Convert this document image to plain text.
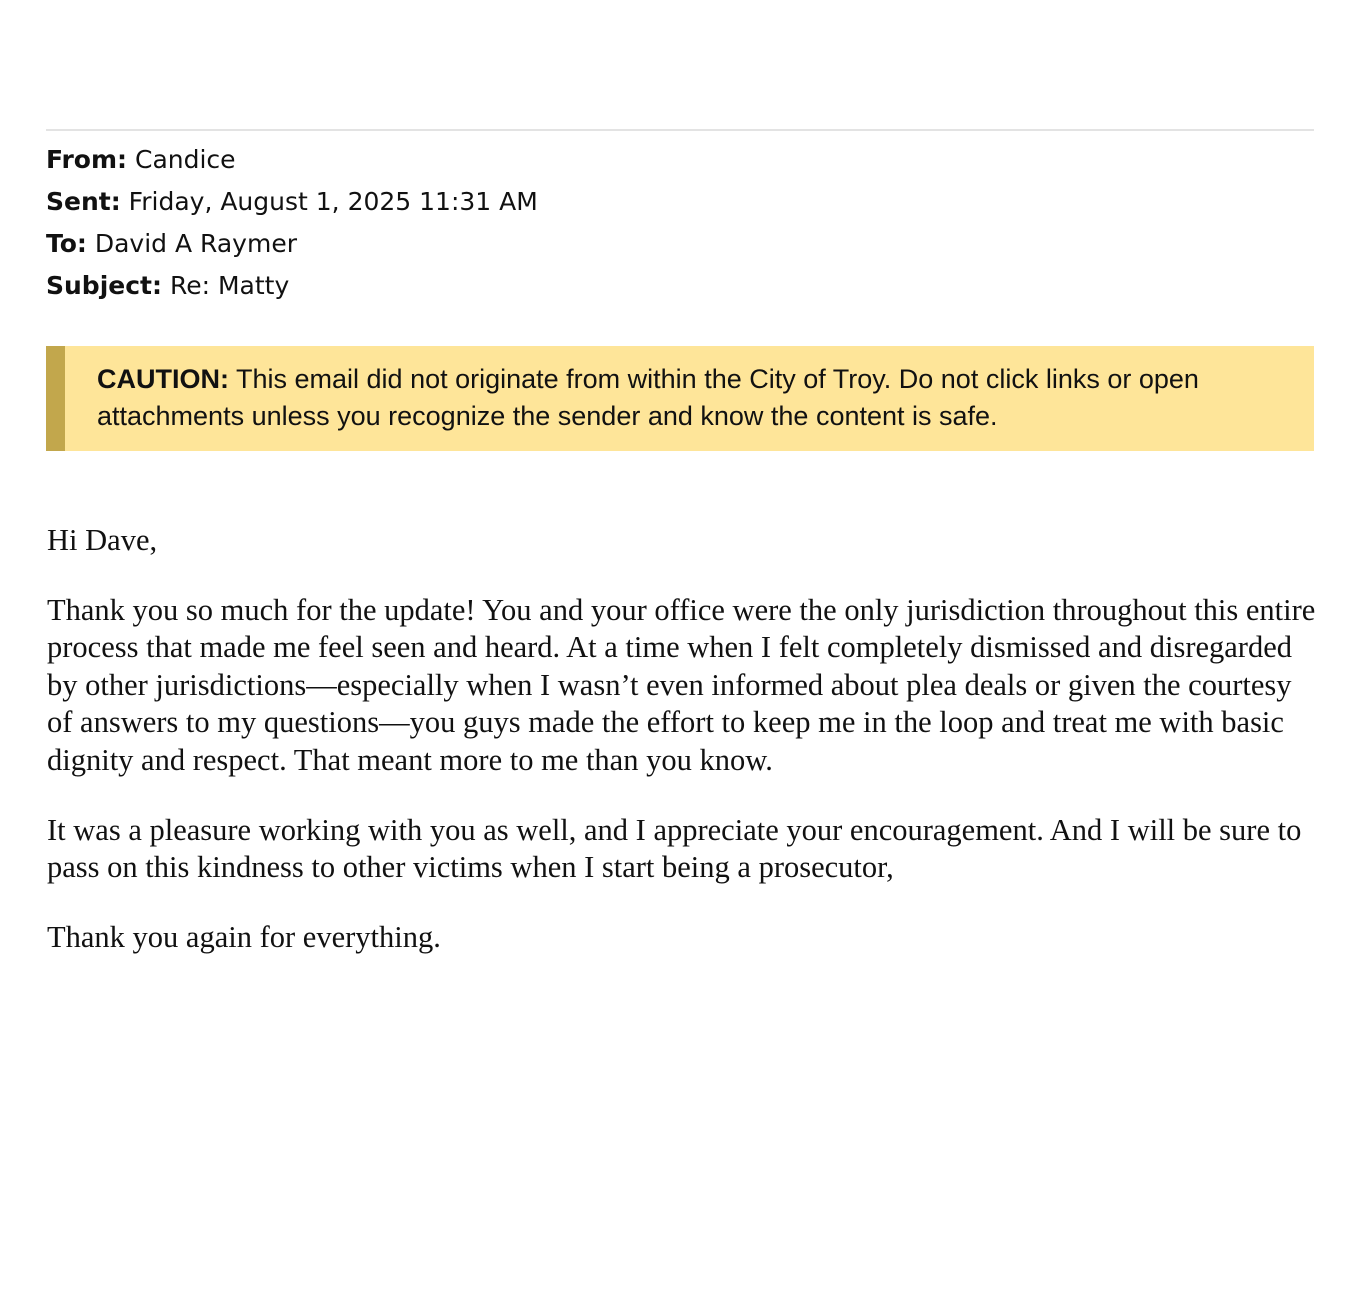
From: Candice
Sent: Friday, August 1, 2025 11:31 AM
To: David A Raymer
Subject: Re: Matty
CAUTION: This email did not originate from within the City of Troy. Do not click links or open attachments unless you recognize the sender and know the content is safe.

Hi Dave,

Thank you so much for the update! You and your office were the only jurisdiction throughout this entire process that made me feel seen and heard. At a time when I felt completely dismissed and disregarded by other jurisdictions—especially when I wasn’t even informed about plea deals or given the courtesy of answers to my questions—you guys made the effort to keep me in the loop and treat me with basic dignity and respect. That meant more to me than you know.

It was a pleasure working with you as well, and I appreciate your encouragement. And I will be sure to pass on this kindness to other victims when I start being a prosecutor,

Thank you again for everything.
